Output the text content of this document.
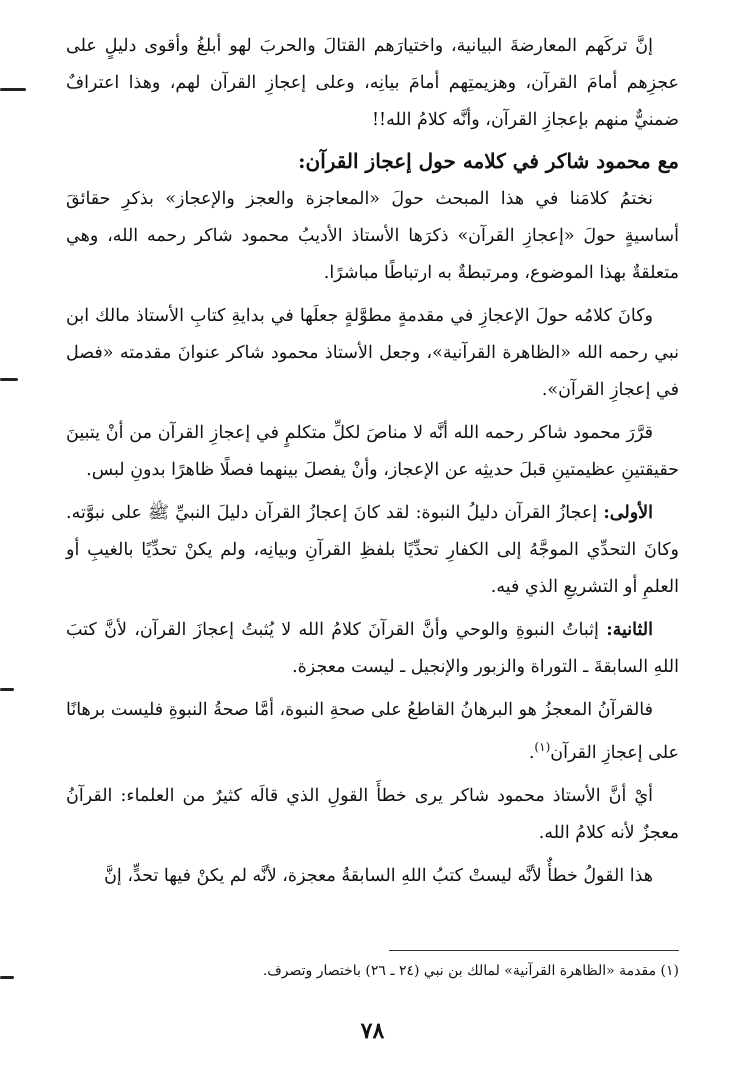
إنَّ تركَهم المعارضةَ البيانية، واختيارَهم القتالَ والحربَ لهو أبلغُ وأقوى دليلٍ على عجزِهم أمامَ القرآن، وهزيمتِهم أمامَ بيانِه، وعلى إعجازِ القرآن لهم، وهذا اعترافٌ ضمنيٌّ منهم بإعجازِ القرآن، وأنَّه كلامُ الله!!

مع محمود شاكر في كلامه حول إعجاز القرآن:

نختمُ كلامَنا في هذا المبحث حولَ «المعاجزة والعجز والإعجاز» بذكرِ حقائقَ أساسيةٍ حولَ «إعجازِ القرآن» ذكرَها الأستاذ الأديبُ محمود شاكر رحمه الله، وهي متعلقةٌ بهذا الموضوع، ومرتبطةٌ به ارتباطًا مباشرًا.

وكانَ كلامُه حولَ الإعجازِ في مقدمةٍ مطوَّلةٍ جعلَها في بدايةِ كتابِ الأستاذ مالك ابن نبي رحمه الله «الظاهرة القرآنية»، وجعل الأستاذ محمود شاكر عنوانَ مقدمته «فصل في إعجازِ القرآن».

قرَّرَ محمود شاكر رحمه الله أنَّه لا مناصَ لكلِّ متكلمٍ في إعجازِ القرآن من أنْ يتبينَ حقيقتينِ عظيمتينِ قبلَ حديثِه عن الإعجاز، وأنْ يفصلَ بينهما فصلًا ظاهرًا بدونِ لبس.

الأولى: إعجازُ القرآن دليلُ النبوة: لقد كانَ إعجازُ القرآن دليلَ النبيِّ ﷺ على نبوَّته. وكانَ التحدِّي الموجَّهُ إلى الكفارِ تحدِّيًا بلفظِ القرآنِ وبيانِه، ولم يكنْ تحدِّيًا بالغيبِ أو العلمِ أو التشريعِ الذي فيه.

الثانية: إثباتُ النبوةِ والوحي وأنَّ القرآنَ كلامُ الله لا يُثبتُ إعجازَ القرآن، لأنَّ كتبَ اللهِ السابقةَ ـ التوراة والزبور والإنجيل ـ ليست معجزة.

فالقرآنُ المعجزُ هو البرهانُ القاطعُ على صحةِ النبوة، أمَّا صحةُ النبوةِ فليست برهانًا على إعجازِ القرآن$^{(١)}$.

أيْ أنَّ الأستاذ محمود شاكر يرى خطأَ القولِ الذي قالَه كثيرٌ من العلماء: القرآنُ معجزٌ لأنه كلامُ الله.

هذا القولُ خطأٌ لأنَّه ليستْ كتبُ اللهِ السابقةُ معجزة، لأنَّه لم يكنْ فيها تحدٍّ، إنَّ

(١) مقدمة «الظاهرة القرآنية» لمالك بن نبي (٢٤ ـ ٢٦) باختصار وتصرف.
٧٨
